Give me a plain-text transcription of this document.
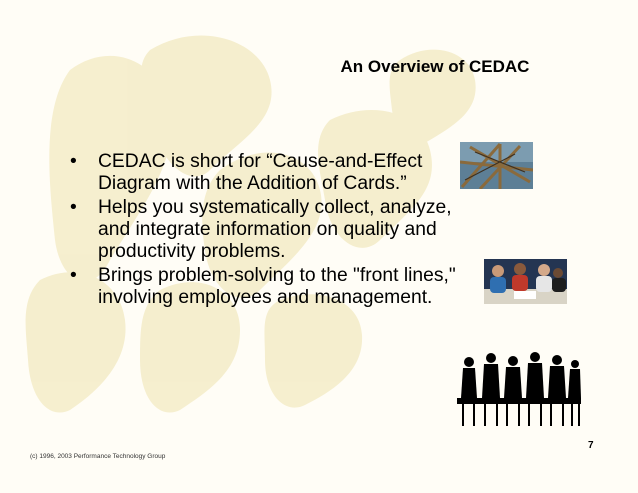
An Overview of CEDAC
• CEDAC is short for “Cause-and-Effect Diagram with the Addition of Cards.”
• Helps you systematically collect, analyze, and integrate information on quality and productivity problems.
• Brings problem-solving to the "front lines," involving employees and management.
7
(c) 1996, 2003 Performance Technology Group
